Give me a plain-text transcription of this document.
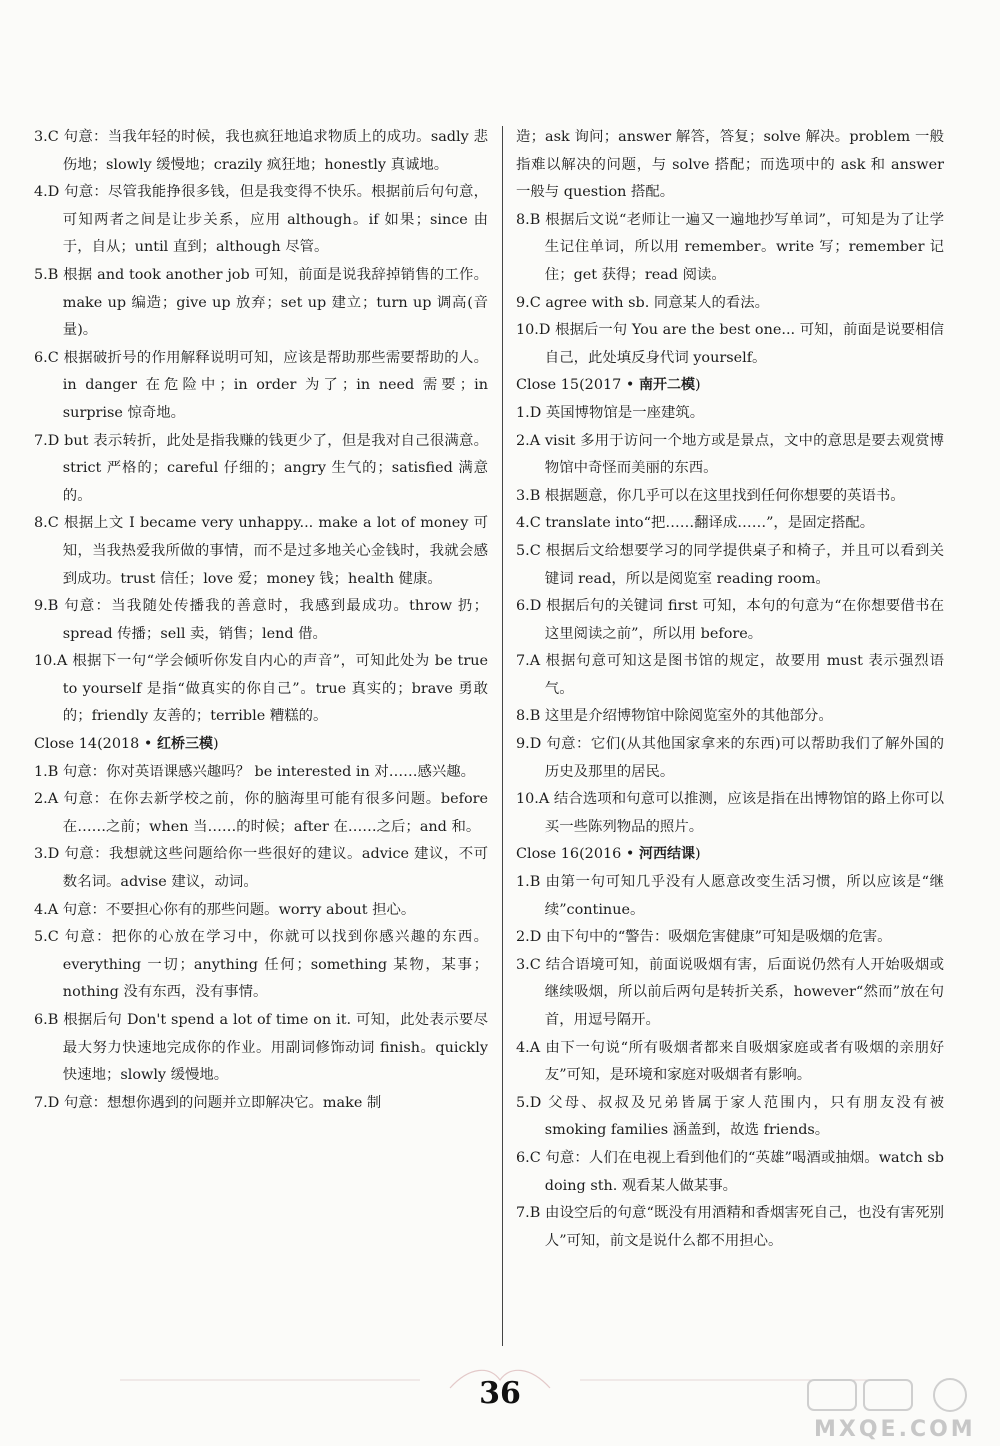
3.C 句意：当我年轻的时候，我也疯狂地追求物质上的成功。sadly 悲伤地；slowly 缓慢地；crazily 疯狂地；honestly 真诚地。

4.D 句意：尽管我能挣很多钱，但是我变得不快乐。根据前后句句意，可知两者之间是让步关系，应用 although。if 如果；since 由于，自从；until 直到；although 尽管。

5.B 根据 and took another job 可知，前面是说我辞掉销售的工作。make up 编造；give up 放弃；set up 建立；turn up 调高(音量)。

6.C 根据破折号的作用解释说明可知，应该是帮助那些需要帮助的人。in danger 在危险中；in order 为了；in need 需要；in surprise 惊奇地。

7.D but 表示转折，此处是指我赚的钱更少了，但是我对自己很满意。strict 严格的；careful 仔细的；angry 生气的；satisfied 满意的。

8.C 根据上文 I became very unhappy... make a lot of money 可知，当我热爱我所做的事情，而不是过多地关心金钱时，我就会感到成功。trust 信任；love 爱；money 钱；health 健康。

9.B 句意：当我随处传播我的善意时，我感到最成功。throw 扔；spread 传播；sell 卖，销售；lend 借。

10.A 根据下一句“学会倾听你发自内心的声音”，可知此处为 be true to yourself 是指“做真实的你自己”。true 真实的；brave 勇敢的；friendly 友善的；terrible 糟糕的。

Close 14(2018 • 红桥三模)

1.B 句意：你对英语课感兴趣吗？ be interested in 对……感兴趣。

2.A 句意：在你去新学校之前，你的脑海里可能有很多问题。before 在……之前；when 当……的时候；after 在……之后；and 和。

3.D 句意：我想就这些问题给你一些很好的建议。advice 建议，不可数名词。advise 建议，动词。

4.A 句意：不要担心你有的那些问题。worry about 担心。

5.C 句意：把你的心放在学习中，你就可以找到你感兴趣的东西。everything 一切；anything 任何；something 某物，某事；nothing 没有东西，没有事情。

6.B 根据后句 Don't spend a lot of time on it. 可知，此处表示要尽最大努力快速地完成你的作业。用副词修饰动词 finish。quickly 快速地；slowly 缓慢地。

7.D 句意：想想你遇到的问题并立即解决它。make 制

造；ask 询问；answer 解答，答复；solve 解决。problem 一般指难以解决的问题，与 solve 搭配；而选项中的 ask 和 answer 一般与 question 搭配。

8.B 根据后文说“老师让一遍又一遍地抄写单词”，可知是为了让学生记住单词，所以用 remember。write 写；remember 记住；get 获得；read 阅读。

9.C agree with sb. 同意某人的看法。

10.D 根据后一句 You are the best one... 可知，前面是说要相信自己，此处填反身代词 yourself。

Close 15(2017 • 南开二模)

1.D 英国博物馆是一座建筑。

2.A visit 多用于访问一个地方或是景点，文中的意思是要去观赏博物馆中奇怪而美丽的东西。

3.B 根据题意，你几乎可以在这里找到任何你想要的英语书。

4.C translate into“把……翻译成……”，是固定搭配。

5.C 根据后文给想要学习的同学提供桌子和椅子，并且可以看到关键词 read，所以是阅览室 reading room。

6.D 根据后句的关键词 first 可知，本句的句意为“在你想要借书在这里阅读之前”，所以用 before。

7.A 根据句意可知这是图书馆的规定，故要用 must 表示强烈语气。

8.B 这里是介绍博物馆中除阅览室外的其他部分。

9.D 句意：它们(从其他国家拿来的东西)可以帮助我们了解外国的历史及那里的居民。

10.A 结合选项和句意可以推测，应该是指在出博物馆的路上你可以买一些陈列物品的照片。

Close 16(2016 • 河西结课)

1.B 由第一句可知几乎没有人愿意改变生活习惯，所以应该是“继续”continue。

2.D 由下句中的“警告：吸烟危害健康”可知是吸烟的危害。

3.C 结合语境可知，前面说吸烟有害，后面说仍然有人开始吸烟或继续吸烟，所以前后两句是转折关系，however“然而”放在句首，用逗号隔开。

4.A 由下一句说“所有吸烟者都来自吸烟家庭或者有吸烟的亲朋好友”可知，是环境和家庭对吸烟者有影响。

5.D 父母、叔叔及兄弟皆属于家人范围内，只有朋友没有被 smoking families 涵盖到，故选 friends。

6.C 句意：人们在电视上看到他们的“英雄”喝酒或抽烟。watch sb doing sth. 观看某人做某事。

7.B 由设空后的句意“既没有用酒精和香烟害死自己，也没有害死别人”可知，前文是说什么都不用担心。

36
MXQE.COM
